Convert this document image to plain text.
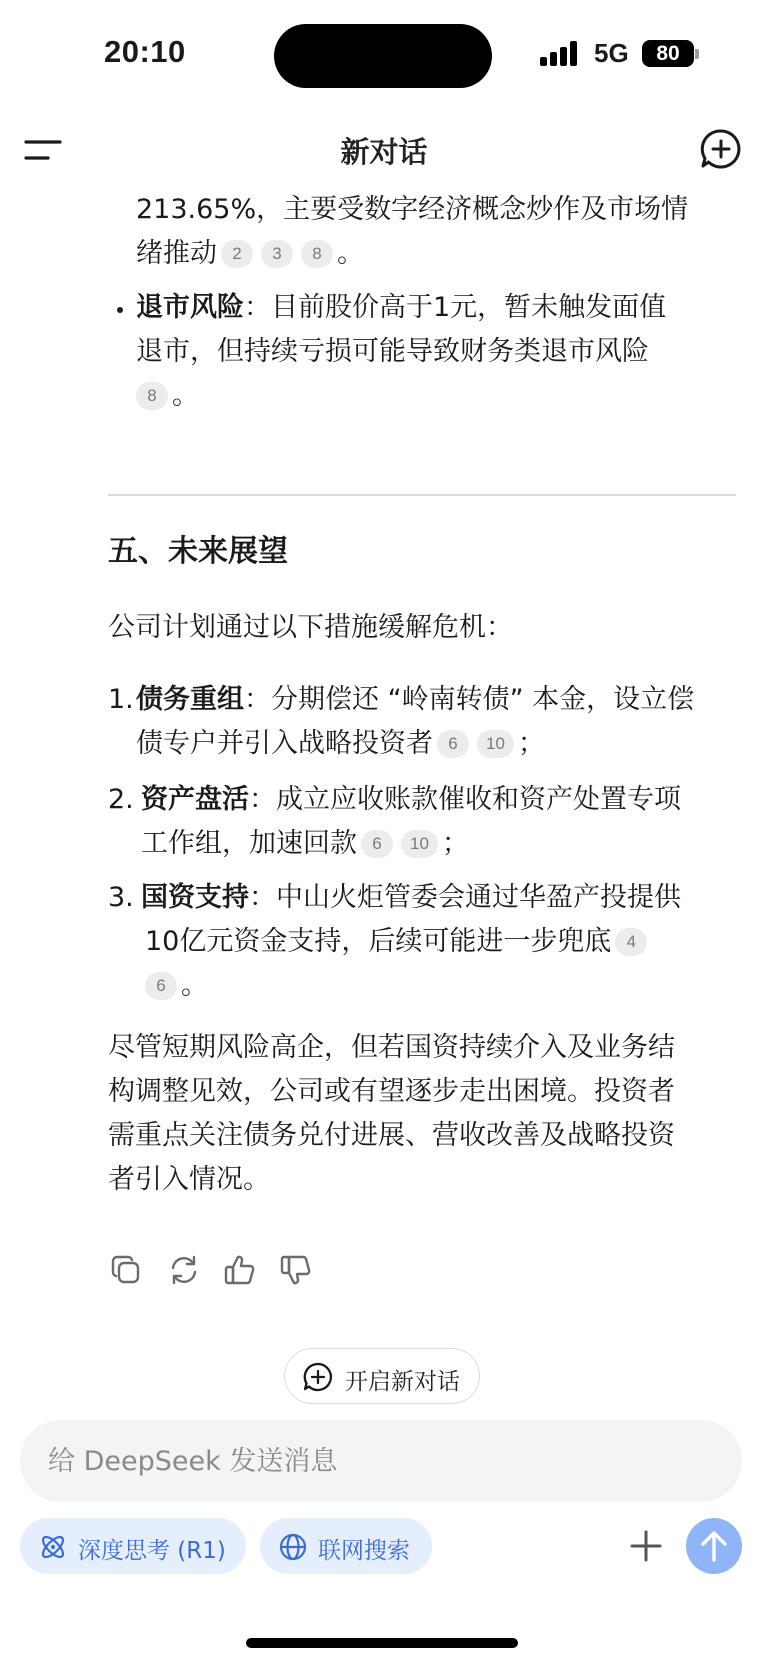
20:10	5G	80
新对话
213.65%，主要受数字经济概念炒作及市场情
绪推动 2 3 8 。
退市风险：目前股价高于1元，暂未触发面值
退市，但持续亏损可能导致财务类退市风险
8 。
五、未来展望
公司计划通过以下措施缓解危机：
1. 债务重组：分期偿还 “岭南转债” 本金，设立偿
债专户并引入战略投资者 6 10 ；
2. 资产盘活：成立应收账款催收和资产处置专项
工作组，加速回款 6 10 ；
3. 国资支持：中山火炬管委会通过华盈产投提供
10亿元资金支持，后续可能进一步兜底 4
6 。
尽管短期风险高企，但若国资持续介入及业务结
构调整见效，公司或有望逐步走出困境。投资者
需重点关注债务兑付进展、营收改善及战略投资
者引入情况。
开启新对话
给 DeepSeek 发送消息
深度思考 (R1)	联网搜索
